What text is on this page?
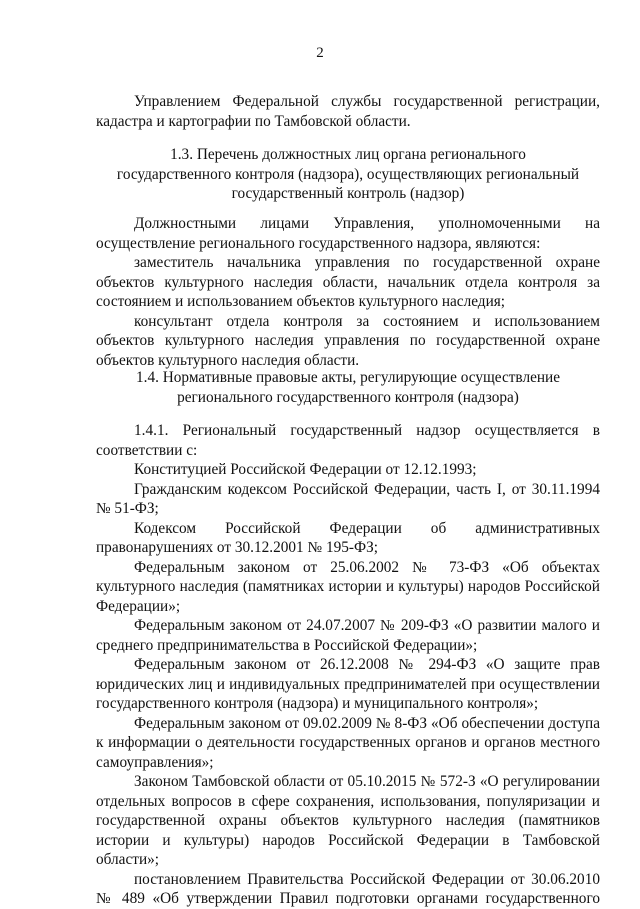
2

Управлением Федеральной службы государственной регистрации, кадастра и картографии по Тамбовской области.

1.3. Перечень должностных лиц органа регионального государственного контроля (надзора), осуществляющих региональный государственный контроль (надзор)

Должностными лицами Управления, уполномоченными на осуществление регионального государственного надзора, являются:

заместитель начальника управления по государственной охране объектов культурного наследия области, начальник отдела контроля за состоянием и использованием объектов культурного наследия;

консультант отдела контроля за состоянием и использованием объектов культурного наследия управления по государственной охране объектов культурного наследия области.

1.4. Нормативные правовые акты, регулирующие осуществление регионального государственного контроля (надзора)

1.4.1. Региональный государственный надзор осуществляется в соответствии с:

Конституцией Российской Федерации от 12.12.1993;

Гражданским кодексом Российской Федерации, часть I, от 30.11.1994 № 51-ФЗ;

Кодексом Российской Федерации об административных правонарушениях от 30.12.2001 № 195-ФЗ;

Федеральным законом от 25.06.2002 № 73-ФЗ «Об объектах культурного наследия (памятниках истории и культуры) народов Российской Федерации»;

Федеральным законом от 24.07.2007 № 209-ФЗ «О развитии малого и среднего предпринимательства в Российской Федерации»;

Федеральным законом от 26.12.2008 № 294-ФЗ «О защите прав юридических лиц и индивидуальных предпринимателей при осуществлении государственного контроля (надзора) и муниципального контроля»;

Федеральным законом от 09.02.2009 № 8-ФЗ «Об обеспечении доступа к информации о деятельности государственных органов и органов местного самоуправления»;

Законом Тамбовской области от 05.10.2015 № 572-З «О регулировании отдельных вопросов в сфере сохранения, использования, популяризации и государственной охраны объектов культурного наследия (памятников истории и культуры) народов Российской Федерации в Тамбовской области»;

постановлением Правительства Российской Федерации от 30.06.2010 № 489 «Об утверждении Правил подготовки органами государственного
